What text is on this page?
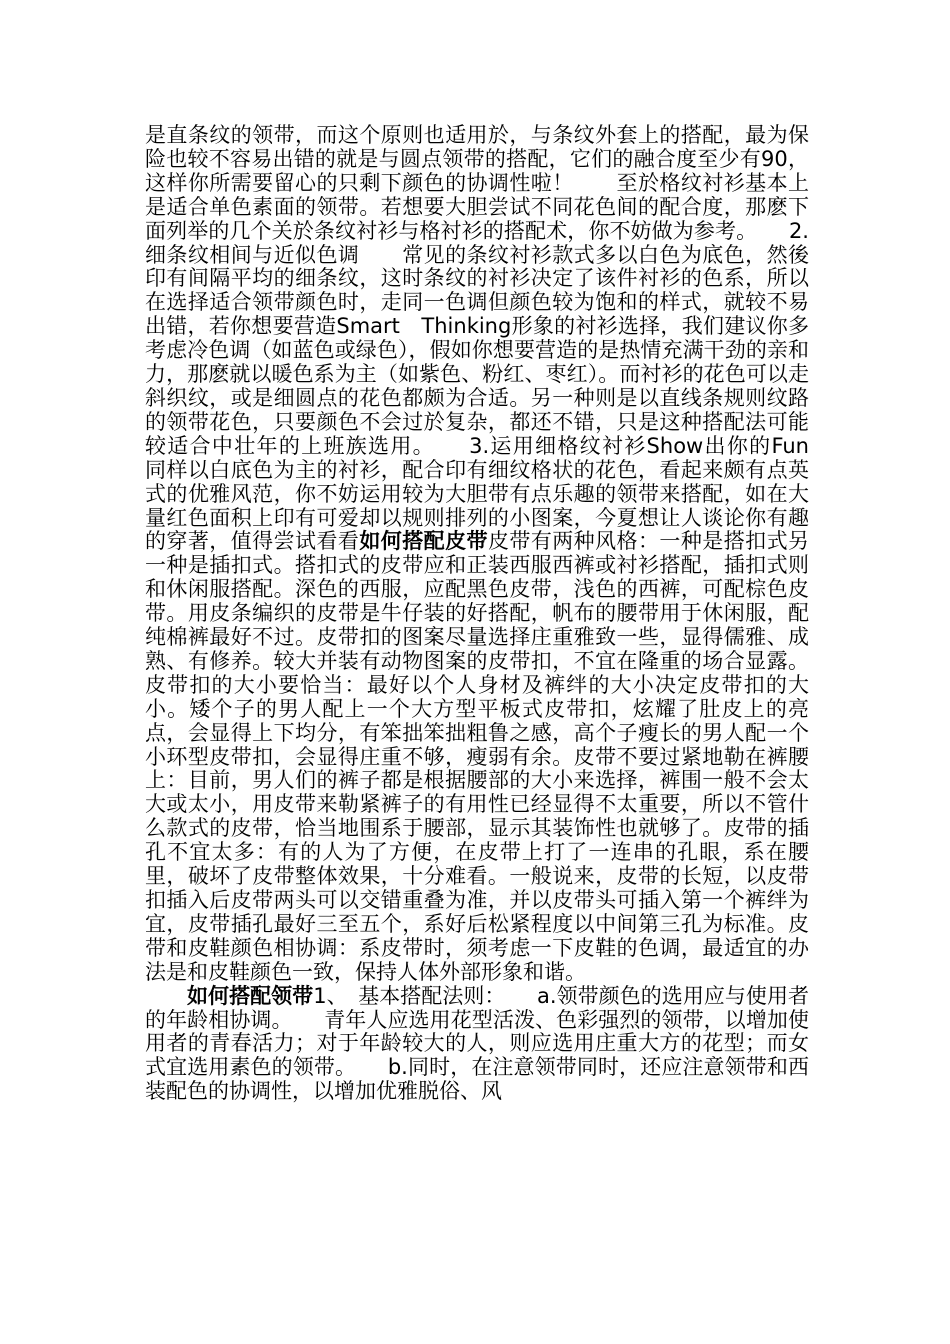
是直条纹的领带，而这个原则也适用於，与条纹外套上的搭配，最为保险也较不容易出错的就是与圆点领带的搭配，它们的融合度至少有90，这样你所需要留心的只剩下颜色的协调性啦！　　至於格纹衬衫基本上是适合单色素面的领带。若想要大胆尝试不同花色间的配合度，那麽下面列举的几个关於条纹衬衫与格衬衫的搭配术，你不妨做为参考。　　2.细条纹相间与近似色调　　常见的条纹衬衫款式多以白色为底色，然後印有间隔平均的细条纹，这时条纹的衬衫决定了该件衬衫的色系，所以在选择适合领带颜色时，走同一色调但颜色较为饱和的样式，就较不易出错，若你想要营造Smart　Thinking形象的衬衫选择，我们建议你多考虑冷色调（如蓝色或绿色），假如你想要营造的是热情充满干劲的亲和力，那麽就以暖色系为主（如紫色、粉红、枣红）。而衬衫的花色可以走斜织纹，或是细圆点的花色都颇为合适。另一种则是以直线条规则纹路的领带花色，只要颜色不会过於复杂，都还不错，只是这种搭配法可能较适合中壮年的上班族选用。　　3.运用细格纹衬衫Show出你的Fun　　同样以白底色为主的衬衫，配合印有细纹格状的花色，看起来颇有点英式的优雅风范，你不妨运用较为大胆带有点乐趣的领带来搭配，如在大量红色面积上印有可爱却以规则排列的小图案，今夏想让人谈论你有趣的穿著，值得尝试看看如何搭配皮带皮带有两种风格：一种是搭扣式另一种是插扣式。搭扣式的皮带应和正装西服西裤或衬衫搭配，插扣式则和休闲服搭配。深色的西服，应配黑色皮带，浅色的西裤，可配棕色皮带。用皮条编织的皮带是牛仔装的好搭配，帆布的腰带用于休闲服，配纯棉裤最好不过。皮带扣的图案尽量选择庄重雅致一些，显得儒雅、成熟、有修养。较大并装有动物图案的皮带扣，不宜在隆重的场合显露。皮带扣的大小要恰当：最好以个人身材及裤绊的大小决定皮带扣的大小。矮个子的男人配上一个大方型平板式皮带扣，炫耀了肚皮上的亮点，会显得上下均分，有笨拙笨拙粗鲁之感，高个子瘦长的男人配一个小环型皮带扣，会显得庄重不够，瘦弱有余。皮带不要过紧地勒在裤腰上：目前，男人们的裤子都是根据腰部的大小来选择，裤围一般不会太大或太小，用皮带来勒紧裤子的有用性已经显得不太重要，所以不管什么款式的皮带，恰当地围系于腰部，显示其装饰性也就够了。皮带的插孔不宜太多：有的人为了方便，在皮带上打了一连串的孔眼，系在腰里，破坏了皮带整体效果，十分难看。一般说来，皮带的长短，以皮带扣插入后皮带两头可以交错重叠为准，并以皮带头可插入第一个裤绊为宜，皮带插孔最好三至五个，系好后松紧程度以中间第三孔为标准。皮带和皮鞋颜色相协调：系皮带时，须考虑一下皮鞋的色调，最适宜的办法是和皮鞋颜色一致，保持人体外部形象和谐。

如何搭配领带1、　基本搭配法则：　　a.领带颜色的选用应与使用者的年龄相协调。　　青年人应选用花型活泼、色彩强烈的领带，以增加使用者的青春活力；对于年龄较大的人，则应选用庄重大方的花型；而女式宜选用素色的领带。　　b.同时，在注意领带同时，还应注意领带和西装配色的协调性，以增加优雅脱俗、风
